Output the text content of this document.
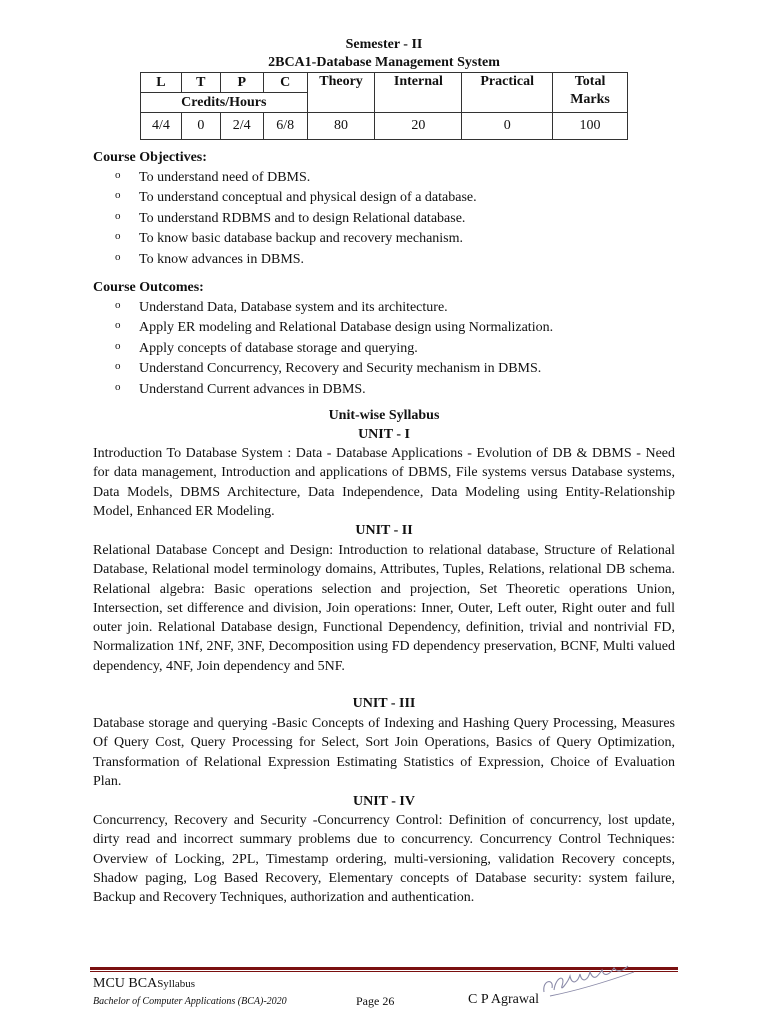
Semester - II
2BCA1-Database Management System
L	T	P	C	Theory	Internal	Practical	Total
Marks

Credits/Hours							
4/4	0	2/4	6/8	80	20	0	100
Course Objectives:
o To understand need of DBMS.
o To understand conceptual and physical design of a database.
o To understand RDBMS and to design Relational database.
o To know basic database backup and recovery mechanism.
o To know advances in DBMS.
Course Outcomes:
o Understand Data, Database system and its architecture.
o Apply ER modeling and Relational Database design using Normalization.
o Apply concepts of database storage and querying.
o Understand Concurrency, Recovery and Security mechanism in DBMS.
o Understand Current advances in DBMS.
Unit-wise Syllabus
UNIT - I
Introduction To Database System : Data - Database Applications - Evolution of DB & DBMS - Need for data management, Introduction and applications of DBMS, File systems versus Database systems, Data Models, DBMS Architecture, Data Independence, Data Modeling using Entity-Relationship Model, Enhanced ER Modeling.
UNIT - II
Relational Database Concept and Design: Introduction to relational database, Structure of Relational Database, Relational model terminology domains, Attributes, Tuples, Relations, relational DB schema. Relational algebra: Basic operations selection and projection, Set Theoretic operations Union, Intersection, set difference and division, Join operations: Inner, Outer, Left outer, Right outer and full outer join. Relational Database design, Functional Dependency, definition, trivial and nontrivial FD, Normalization 1Nf, 2NF, 3NF, Decomposition using FD dependency preservation, BCNF, Multi valued dependency, 4NF, Join dependency and 5NF.
UNIT - III
Database storage and querying -Basic Concepts of Indexing and Hashing Query Processing, Measures Of Query Cost, Query Processing for Select, Sort Join Operations, Basics of Query Optimization, Transformation of Relational Expression Estimating Statistics of Expression, Choice of Evaluation Plan.
UNIT - IV
Concurrency, Recovery and Security -Concurrency Control: Definition of concurrency, lost update, dirty read and incorrect summary problems due to concurrency. Concurrency Control Techniques: Overview of Locking, 2PL, Timestamp ordering, multi-versioning, validation Recovery concepts, Shadow paging, Log Based Recovery, Elementary concepts of Database security: system failure, Backup and Recovery Techniques, authorization and authentication.
MCU BCASyllabus
Bachelor of Computer Applications (BCA)-2020	Page 26	C P Agrawal
